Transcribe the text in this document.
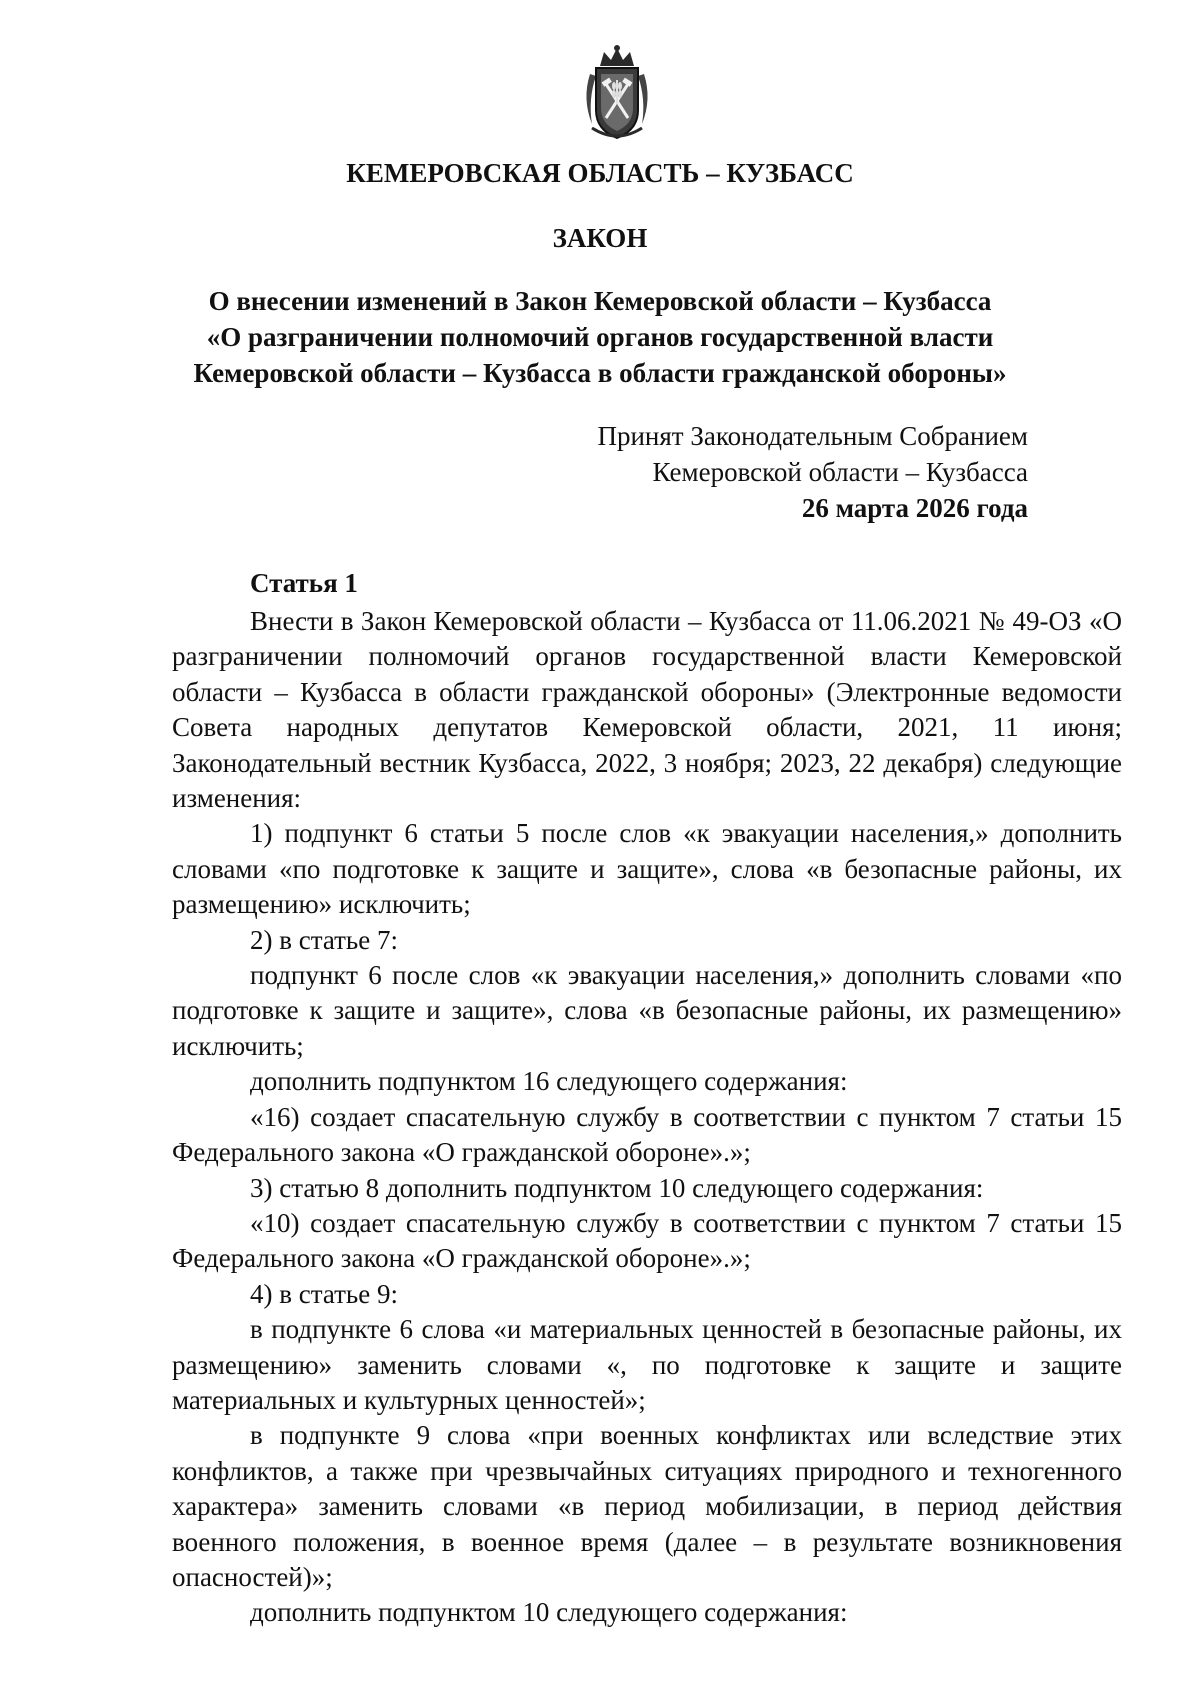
КЕМЕРОВСКАЯ ОБЛАСТЬ – КУЗБАСС
ЗАКОН
О внесении изменений в Закон Кемеровской области – Кузбасса
«О разграничении полномочий органов государственной власти
Кемеровской области – Кузбасса в области гражданской обороны»
Принят Законодательным Собранием
Кемеровской области – Кузбасса
26 марта 2026 года
Статья 1

Внести в Закон Кемеровской области – Кузбасса от 11.06.2021 № 49-ОЗ «О разграничении полномочий органов государственной власти Кемеровской области – Кузбасса в области гражданской обороны» (Электронные ведомости Совета народных депутатов Кемеровской области, 2021, 11 июня; Законодательный вестник Кузбасса, 2022, 3 ноября; 2023, 22 декабря) следующие изменения:

1) подпункт 6 статьи 5 после слов «к эвакуации населения,» дополнить словами «по подготовке к защите и защите», слова «в безопасные районы, их размещению» исключить;

2) в статье 7:

подпункт 6 после слов «к эвакуации населения,» дополнить словами «по подготовке к защите и защите», слова «в безопасные районы, их размещению» исключить;

дополнить подпунктом 16 следующего содержания:

«16) создает спасательную службу в соответствии с пунктом 7 статьи 15 Федерального закона «О гражданской обороне».»;

3) статью 8 дополнить подпунктом 10 следующего содержания:

«10) создает спасательную службу в соответствии с пунктом 7 статьи 15 Федерального закона «О гражданской обороне».»;

4) в статье 9:

в подпункте 6 слова «и материальных ценностей в безопасные районы, их размещению» заменить словами «, по подготовке к защите и защите материальных и культурных ценностей»;

в подпункте 9 слова «при военных конфликтах или вследствие этих конфликтов, а также при чрезвычайных ситуациях природного и техногенного характера» заменить словами «в период мобилизации, в период действия военного положения, в военное время (далее – в результате возникновения опасностей)»;

дополнить подпунктом 10 следующего содержания:
